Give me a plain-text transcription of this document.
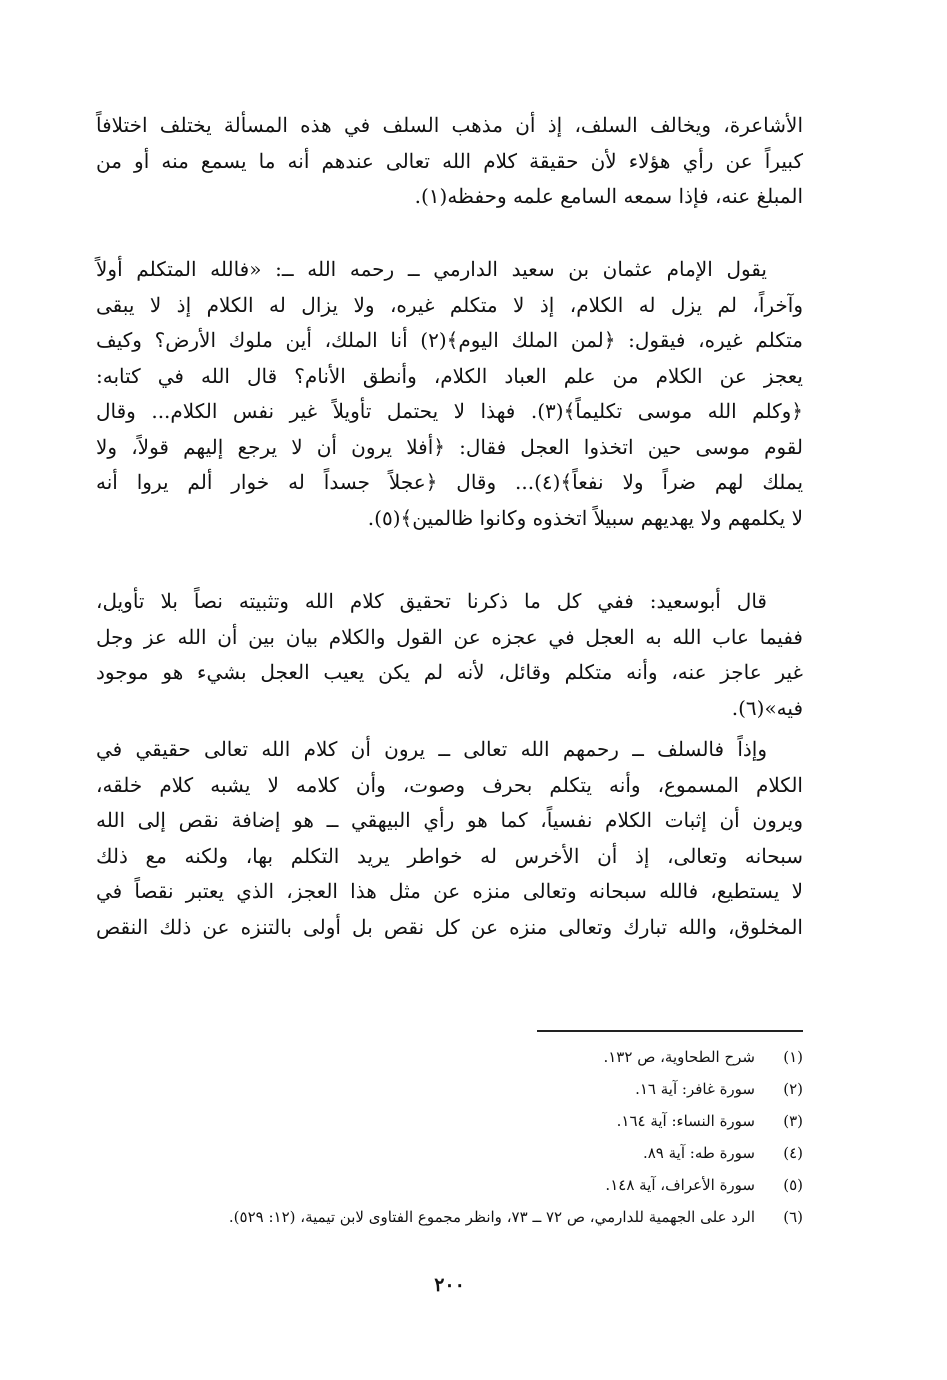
الأشاعرة، ويخالف السلف، إذ أن مذهب السلف في هذه المسألة يختلف اختلافاً
كبيراً عن رأي هؤلاء لأن حقيقة كلام الله تعالى عندهم أنه ما يسمع منه أو من
المبلغ عنه، فإذا سمعه السامع علمه وحفظه(١).
يقول الإمام عثمان بن سعيد الدارمي ــ رحمه الله ــ: «فالله المتكلم أولاً
وآخراً، لم يزل له الكلام، إذ لا متكلم غيره، ولا يزال له الكلام إذ لا يبقى
متكلم غيره، فيقول: ﴿لمن الملك اليوم﴾(٢) أنا الملك، أين ملوك الأرض؟ وكيف
يعجز عن الكلام من علم العباد الكلام، وأنطق الأنام؟ قال الله في كتابه:
﴿وكلم الله موسى تكليماً﴾(٣). فهذا لا يحتمل تأويلاً غير نفس الكلام... وقال
لقوم موسى حين اتخذوا العجل فقال: ﴿أفلا يرون أن لا يرجع إليهم قولاً، ولا
يملك لهم ضراً ولا نفعاً﴾(٤)... وقال ﴿عجلاً جسداً له خوار ألم يروا أنه
لا يكلمهم ولا يهديهم سبيلاً اتخذوه وكانوا ظالمين﴾(٥).
قال أبوسعيد: ففي كل ما ذكرنا تحقيق كلام الله وتثبيته نصاً بلا تأويل،
ففيما عاب الله به العجل في عجزه عن القول والكلام بيان بين أن الله عز وجل
غير عاجز عنه، وأنه متكلم وقائل، لأنه لم يكن يعيب العجل بشيء هو موجود
فيه»(٦).
وإذاً فالسلف ــ رحمهم الله تعالى ــ يرون أن كلام الله تعالى حقيقي في
الكلام المسموع، وأنه يتكلم بحرف وصوت، وأن كلامه لا يشبه كلام خلقه،
ويرون أن إثبات الكلام نفسياً، كما هو رأي البيهقي ــ هو إضافة نقص إلى الله
سبحانه وتعالى، إذ أن الأخرس له خواطر يريد التكلم بها، ولكنه مع ذلك
لا يستطيع، فالله سبحانه وتعالى منزه عن مثل هذا العجز، الذي يعتبر نقصاً في
المخلوق، والله تبارك وتعالى منزه عن كل نقص بل أولى بالتنزه عن ذلك النقص
(١)
شرح الطحاوية، ص ١٣٢.
(٢)
سورة غافر: آية ١٦.
(٣)
سورة النساء: آية ١٦٤.
(٤)
سورة طه: آية ٨٩.
(٥)
سورة الأعراف، آية ١٤٨.
(٦)
الرد على الجهمية للدارمي، ص ٧٢ ــ ٧٣، وانظر مجموع الفتاوى لابن تيمية، (١٢: ٥٢٩).
٢٠٠
